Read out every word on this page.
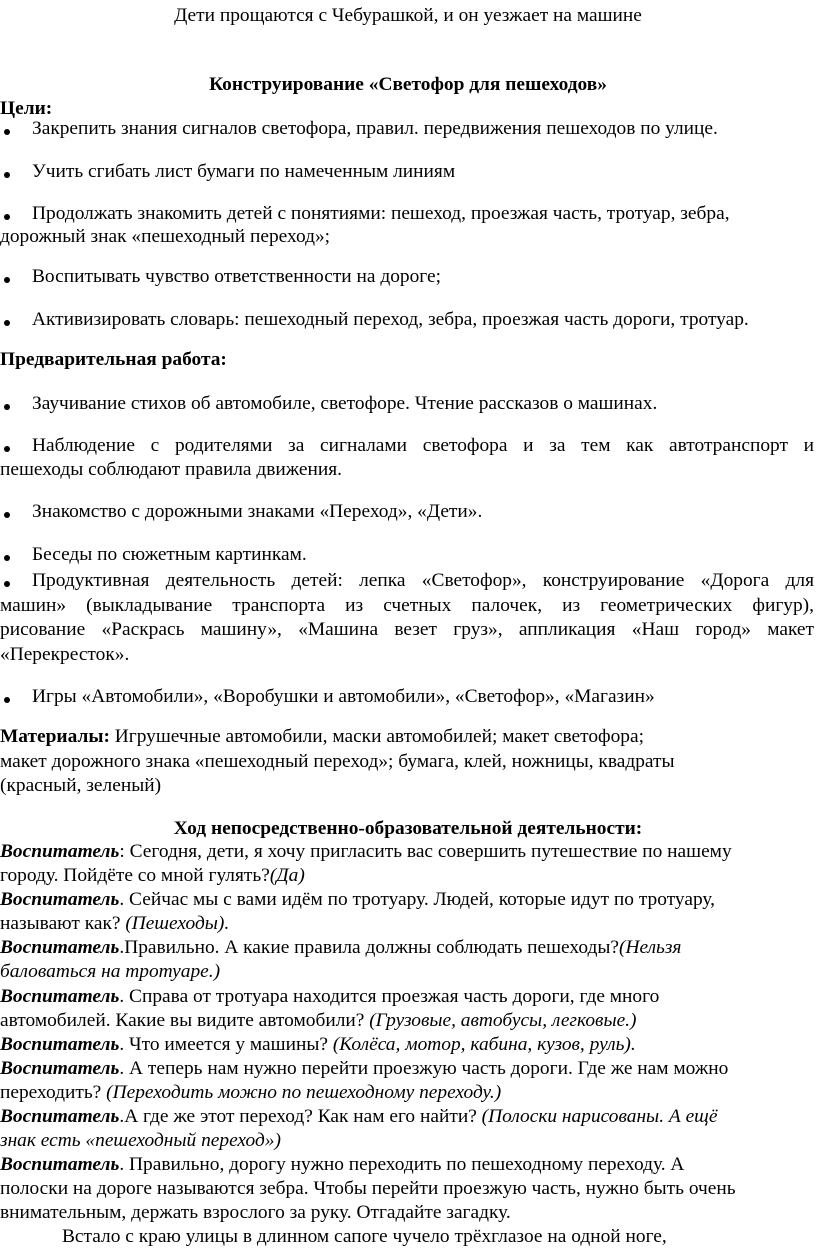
Дети прощаются с Чебурашкой, и он уезжает на машине
Конструирование «Светофор для пешеходов»
Цели:
Закрепить знания сигналов светофора, правил. передвижения пешеходов по улице.
Учить сгибать лист бумаги по намеченным линиям
Продолжать знакомить детей с понятиями: пешеход, проезжая часть, тротуар, зебра,
дорожный знак «пешеходный переход»;
Воспитывать чувство ответственности на дороге;
Активизировать словарь: пешеходный переход, зебра, проезжая часть дороги, тротуар.
Предварительная работа:
Заучивание стихов об автомобиле, светофоре. Чтение рассказов о машинах.
Наблюдение с родителями за сигналами светофора и за тем как автотранспорт и
пешеходы соблюдают правила движения.
Знакомство с дорожными знаками «Переход», «Дети».
Беседы по сюжетным картинкам.
Продуктивная деятельность детей: лепка «Светофор», конструирование «Дорога для
машин» (выкладывание транспорта из счетных палочек, из геометрических фигур),
рисование «Раскрась машину», «Машина везет груз», аппликация «Наш город» макет
«Перекресток».
Игры «Автомобили», «Воробушки и автомобили», «Светофор», «Магазин»
Материалы: Игрушечные автомобили, маски автомобилей; макет светофора;
макет дорожного знака «пешеходный переход»; бумага, клей, ножницы, квадраты
(красный, зеленый)
Ход непосредственно-образовательной деятельности:
Воспитатель: Сегодня, дети, я хочу пригласить вас совершить путешествие по нашему
городу. Пойдёте со мной гулять?(Да)
Воспитатель. Сейчас мы с вами идём по тротуару. Людей, которые идут по тротуару,
называют как? (Пешеходы).
Воспитатель.Правильно. А какие правила должны соблюдать пешеходы?(Нельзя
баловаться на тротуаре.)
Воспитатель. Справа от тротуара находится проезжая часть дороги, где много
автомобилей. Какие вы видите автомобили? (Грузовые, автобусы, легковые.)
Воспитатель. Что имеется у машины? (Колёса, мотор, кабина, кузов, руль).
Воспитатель. А теперь нам нужно перейти проезжую часть дороги. Где же нам можно
переходить? (Переходить можно по пешеходному переходу.)
Воспитатель.А где же этот переход? Как нам его найти? (Полоски нарисованы. А ещё
знак есть «пешеходный переход»)
Воспитатель. Правильно, дорогу нужно переходить по пешеходному переходу. А
полоски на дороге называются зебра. Чтобы перейти проезжую часть, нужно быть очень
внимательным, держать взрослого за руку. Отгадайте загадку.
Встало с краю улицы в длинном сапоге чучело трёхглазое на одной ноге,
